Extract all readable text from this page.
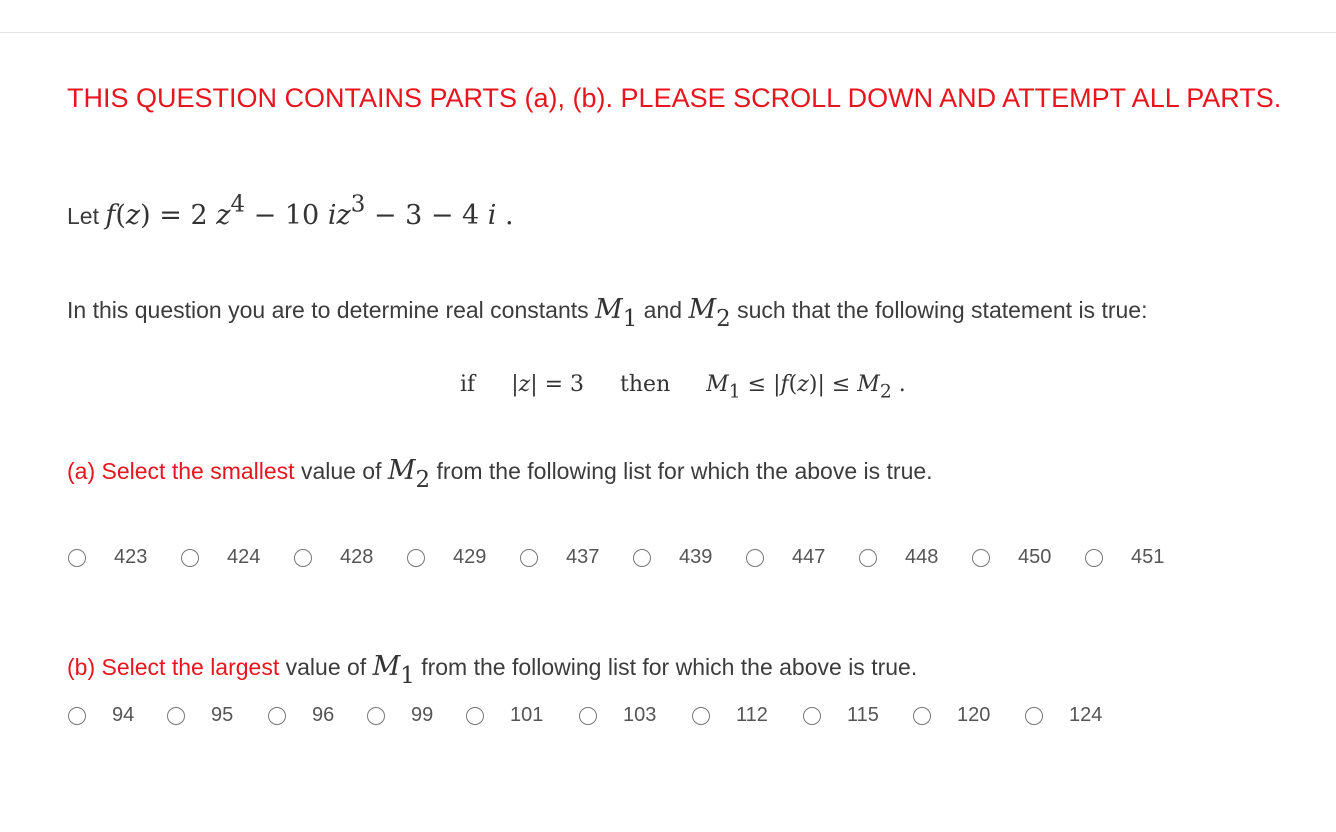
THIS QUESTION CONTAINS PARTS (a), (b). PLEASE SCROLL DOWN AND ATTEMPT ALL PARTS.
Let f(z) = 2 $z^4 - 10$ $iz^3 - 3 - 4$ i .
In this question you are to determine real constants $M_1$ and $M_2$ such that the following statement is true:
if |z| = 3 then $M_1 \le |f(z)| \le M_2$ .
(a) Select the smallest value of $M_2$ from the following list for which the above is true.
423	424	428	429	437	439	447	448	450	451
(b) Select the largest value of $M_1$ from the following list for which the above is true.
94	95	96	99	101	103	112	115	120	124
